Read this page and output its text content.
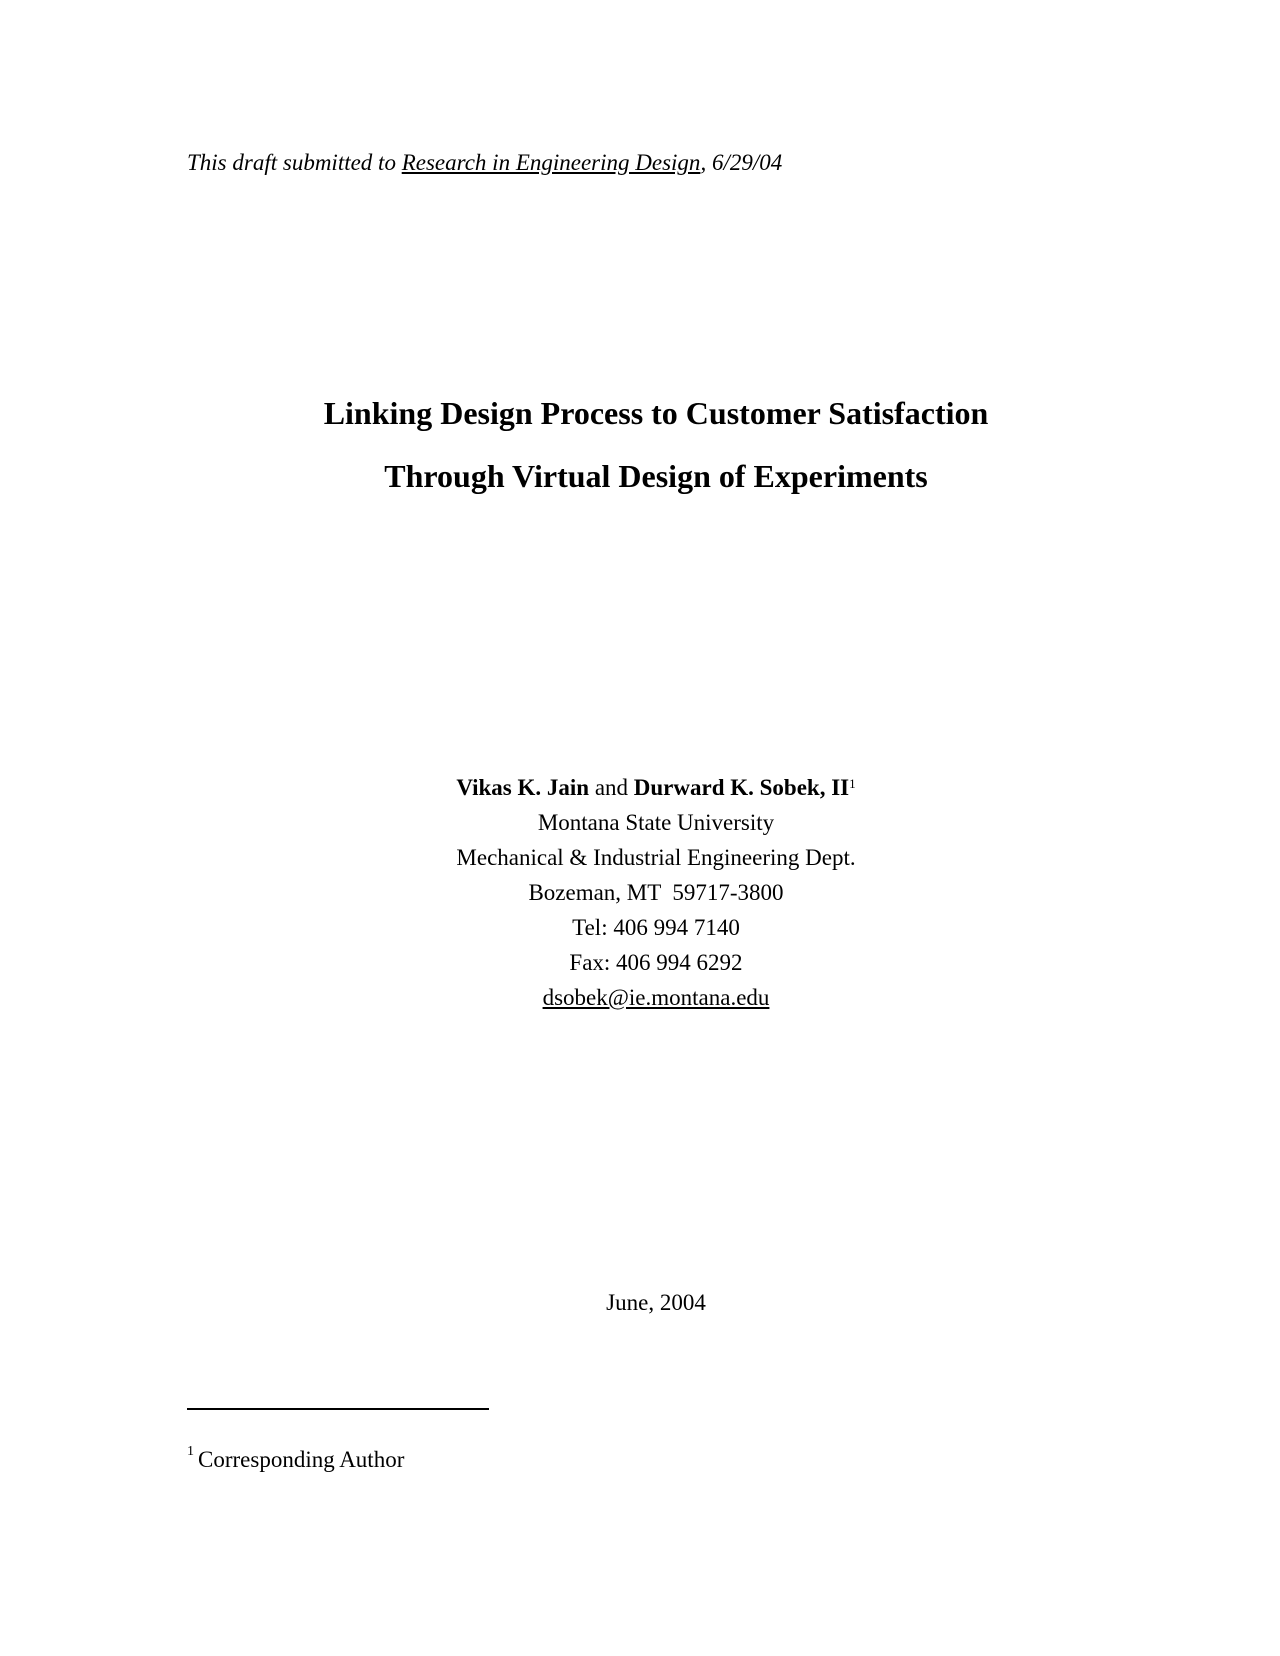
This draft submitted to Research in Engineering Design, 6/29/04
Linking Design Process to Customer Satisfaction
Through Virtual Design of Experiments
Vikas K. Jain and Durward K. Sobek, $II^1$
Montana State University
Mechanical & Industrial Engineering Dept.
Bozeman, MT  59717-3800
Tel: 406 994 7140
Fax: 406 994 6292
dsobek@ie.montana.edu
June, 2004
$^1$ Corresponding Author
